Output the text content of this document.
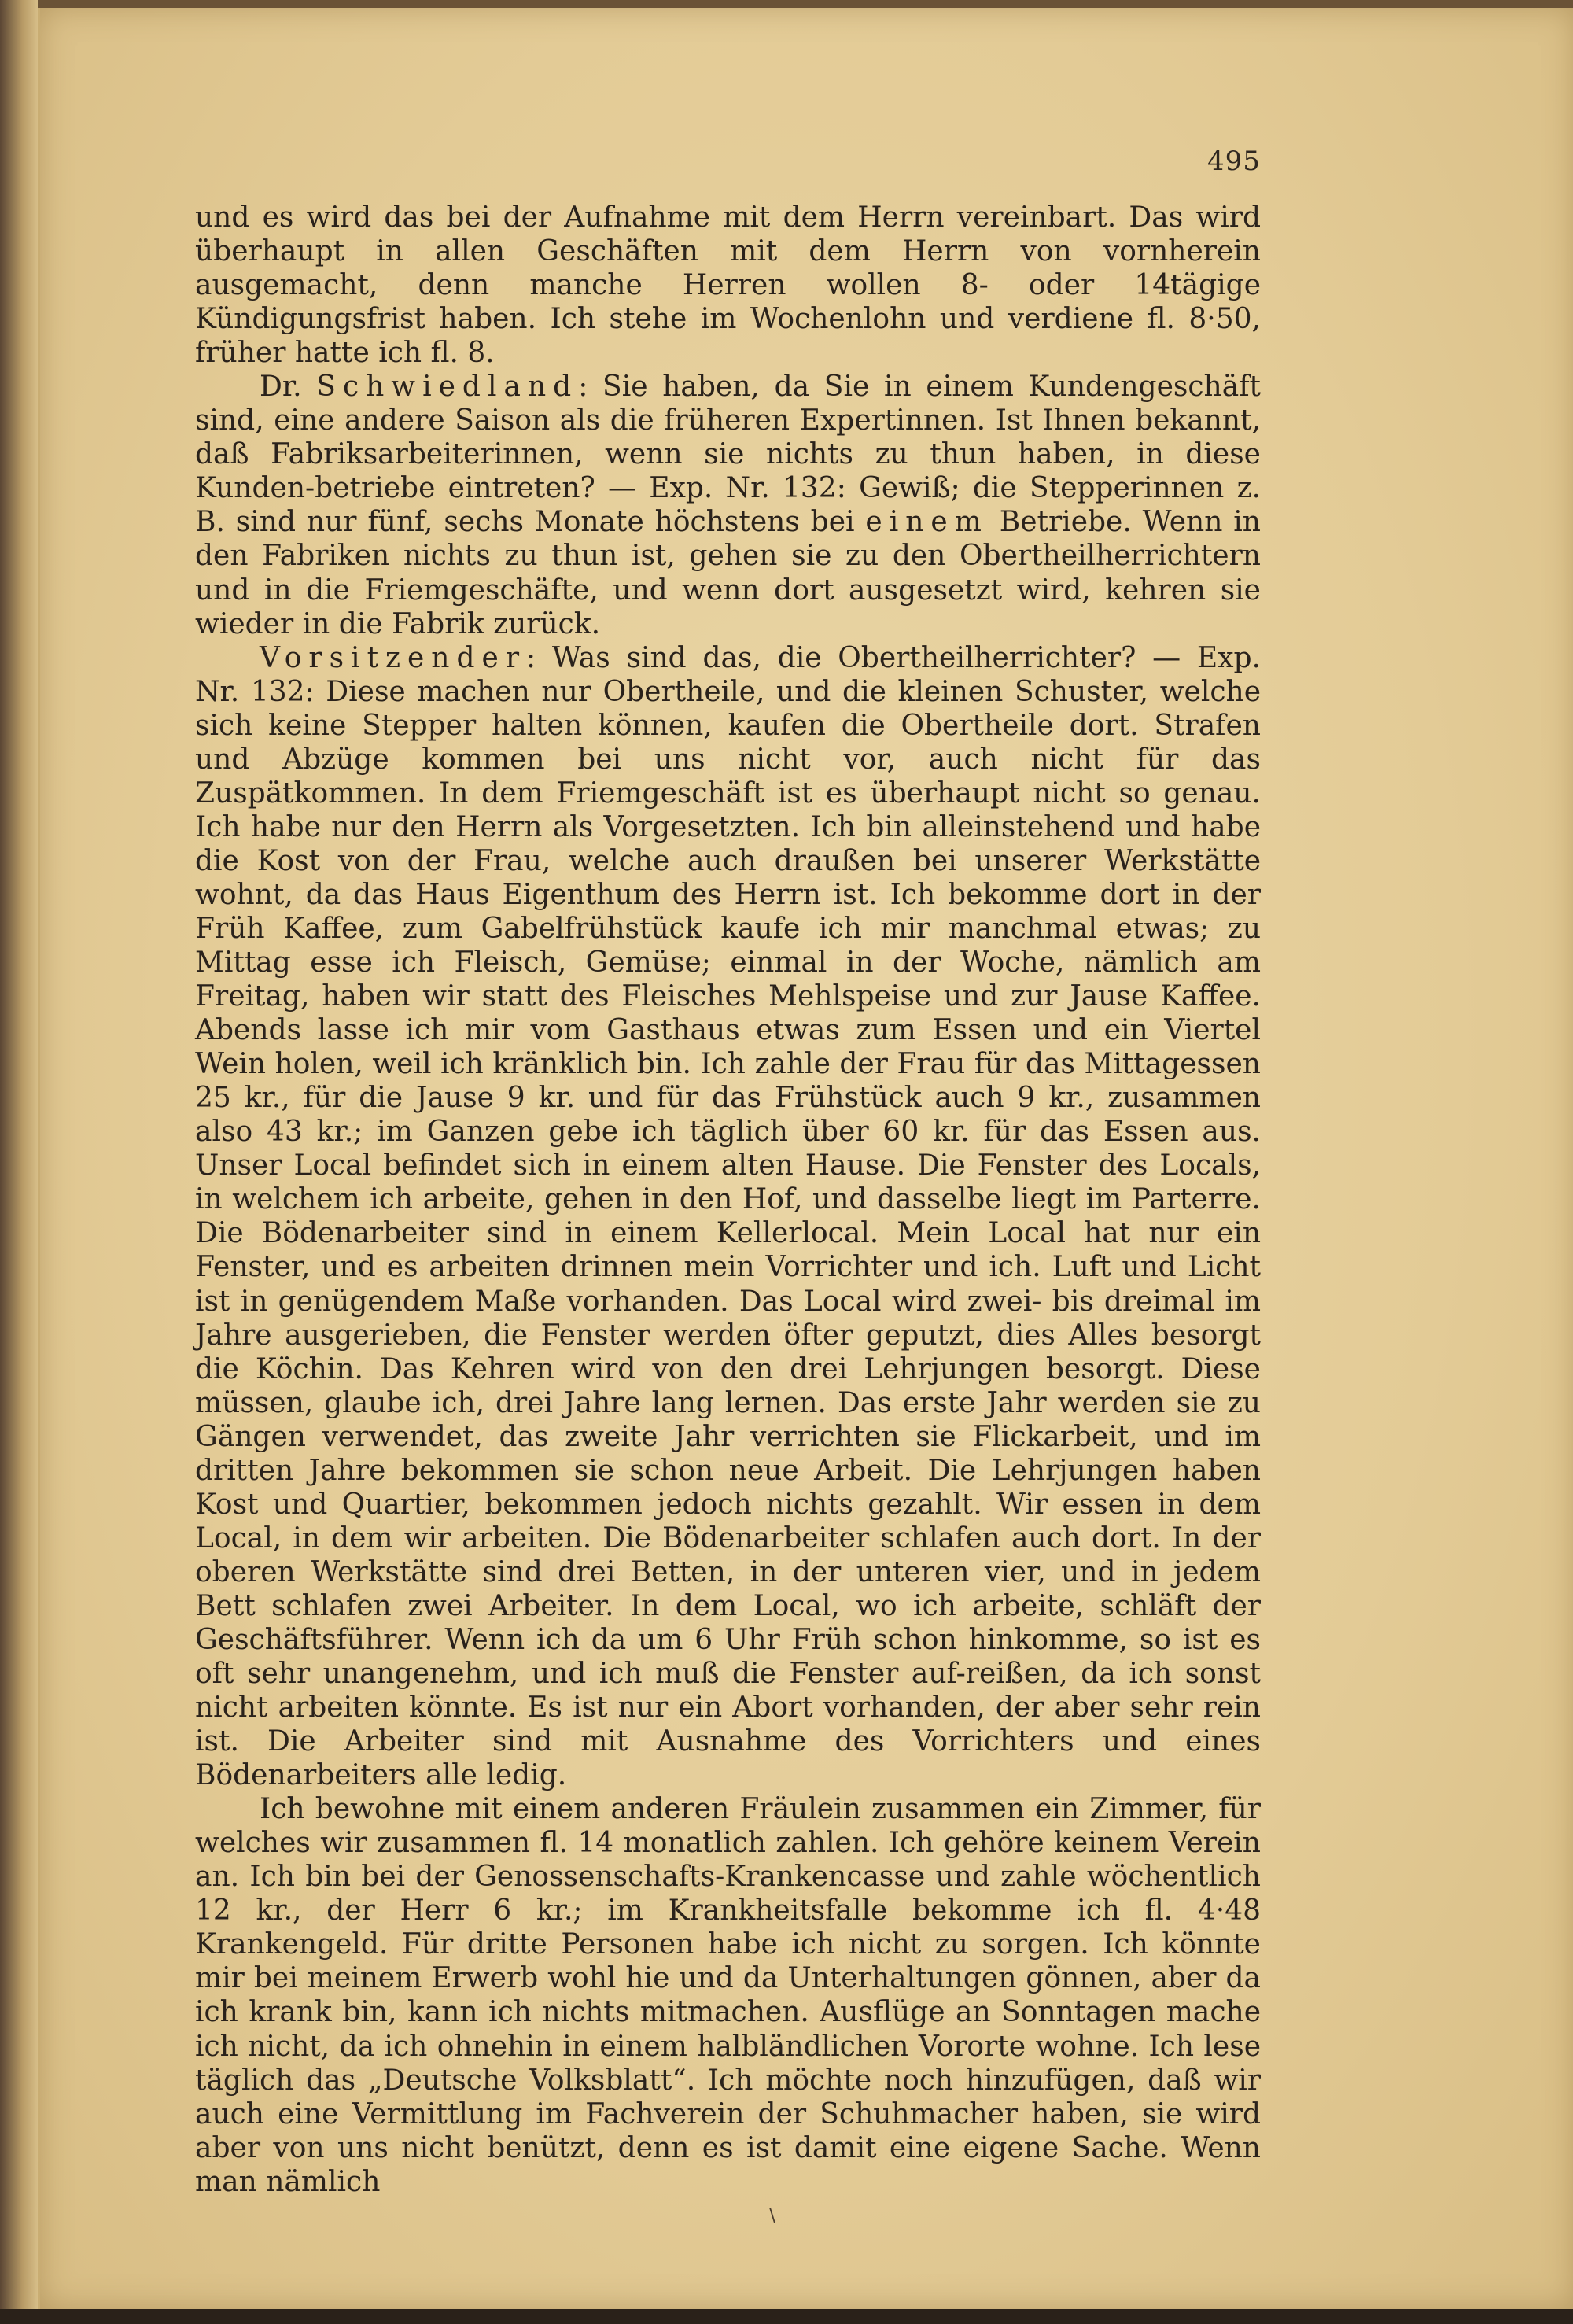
495

und es wird das bei der Aufnahme mit dem Herrn vereinbart. Das wird überhaupt in allen Geschäften mit dem Herrn von vornherein ausgemacht, denn manche Herren wollen 8- oder 14tägige Kündigungsfrist haben. Ich stehe im Wochenlohn und verdiene fl. 8·50, früher hatte ich fl. 8.

Dr. Schwiedland: Sie haben, da Sie in einem Kundengeschäft sind, eine andere Saison als die früheren Expertinnen. Ist Ihnen bekannt, daß Fabriksarbeiterinnen, wenn sie nichts zu thun haben, in diese Kunden-betriebe eintreten? — Exp. Nr. 132: Gewiß; die Stepperinnen z. B. sind nur fünf, sechs Monate höchstens bei einem Betriebe. Wenn in den Fabriken nichts zu thun ist, gehen sie zu den Obertheilherrichtern und in die Friemgeschäfte, und wenn dort ausgesetzt wird, kehren sie wieder in die Fabrik zurück.

Vorsitzender: Was sind das, die Obertheilherrichter? — Exp. Nr. 132: Diese machen nur Obertheile, und die kleinen Schuster, welche sich keine Stepper halten können, kaufen die Obertheile dort. Strafen und Abzüge kommen bei uns nicht vor, auch nicht für das Zuspätkommen. In dem Friemgeschäft ist es überhaupt nicht so genau. Ich habe nur den Herrn als Vorgesetzten. Ich bin alleinstehend und habe die Kost von der Frau, welche auch draußen bei unserer Werkstätte wohnt, da das Haus Eigenthum des Herrn ist. Ich bekomme dort in der Früh Kaffee, zum Gabelfrühstück kaufe ich mir manchmal etwas; zu Mittag esse ich Fleisch, Gemüse; einmal in der Woche, nämlich am Freitag, haben wir statt des Fleisches Mehlspeise und zur Jause Kaffee. Abends lasse ich mir vom Gasthaus etwas zum Essen und ein Viertel Wein holen, weil ich kränklich bin. Ich zahle der Frau für das Mittagessen 25 kr., für die Jause 9 kr. und für das Frühstück auch 9 kr., zusammen also 43 kr.; im Ganzen gebe ich täglich über 60 kr. für das Essen aus. Unser Local befindet sich in einem alten Hause. Die Fenster des Locals, in welchem ich arbeite, gehen in den Hof, und dasselbe liegt im Parterre. Die Bödenarbeiter sind in einem Kellerlocal. Mein Local hat nur ein Fenster, und es arbeiten drinnen mein Vorrichter und ich. Luft und Licht ist in genügendem Maße vorhanden. Das Local wird zwei- bis dreimal im Jahre ausgerieben, die Fenster werden öfter geputzt, dies Alles besorgt die Köchin. Das Kehren wird von den drei Lehrjungen besorgt. Diese müssen, glaube ich, drei Jahre lang lernen. Das erste Jahr werden sie zu Gängen verwendet, das zweite Jahr verrichten sie Flickarbeit, und im dritten Jahre bekommen sie schon neue Arbeit. Die Lehrjungen haben Kost und Quartier, bekommen jedoch nichts gezahlt. Wir essen in dem Local, in dem wir arbeiten. Die Bödenarbeiter schlafen auch dort. In der oberen Werkstätte sind drei Betten, in der unteren vier, und in jedem Bett schlafen zwei Arbeiter. In dem Local, wo ich arbeite, schläft der Geschäftsführer. Wenn ich da um 6 Uhr Früh schon hinkomme, so ist es oft sehr unangenehm, und ich muß die Fenster auf-reißen, da ich sonst nicht arbeiten könnte. Es ist nur ein Abort vorhanden, der aber sehr rein ist. Die Arbeiter sind mit Ausnahme des Vorrichters und eines Bödenarbeiters alle ledig.

Ich bewohne mit einem anderen Fräulein zusammen ein Zimmer, für welches wir zusammen fl. 14 monatlich zahlen. Ich gehöre keinem Verein an. Ich bin bei der Genossenschafts-Krankencasse und zahle wöchentlich 12 kr., der Herr 6 kr.; im Krankheitsfalle bekomme ich fl. 4·48 Krankengeld. Für dritte Personen habe ich nicht zu sorgen. Ich könnte mir bei meinem Erwerb wohl hie und da Unterhaltungen gönnen, aber da ich krank bin, kann ich nichts mitmachen. Ausflüge an Sonntagen mache ich nicht, da ich ohnehin in einem halbländlichen Vororte wohne. Ich lese täglich das „Deutsche Volksblatt“. Ich möchte noch hinzufügen, daß wir auch eine Vermittlung im Fachverein der Schuhmacher haben, sie wird aber von uns nicht benützt, denn es ist damit eine eigene Sache. Wenn man nämlich

\
